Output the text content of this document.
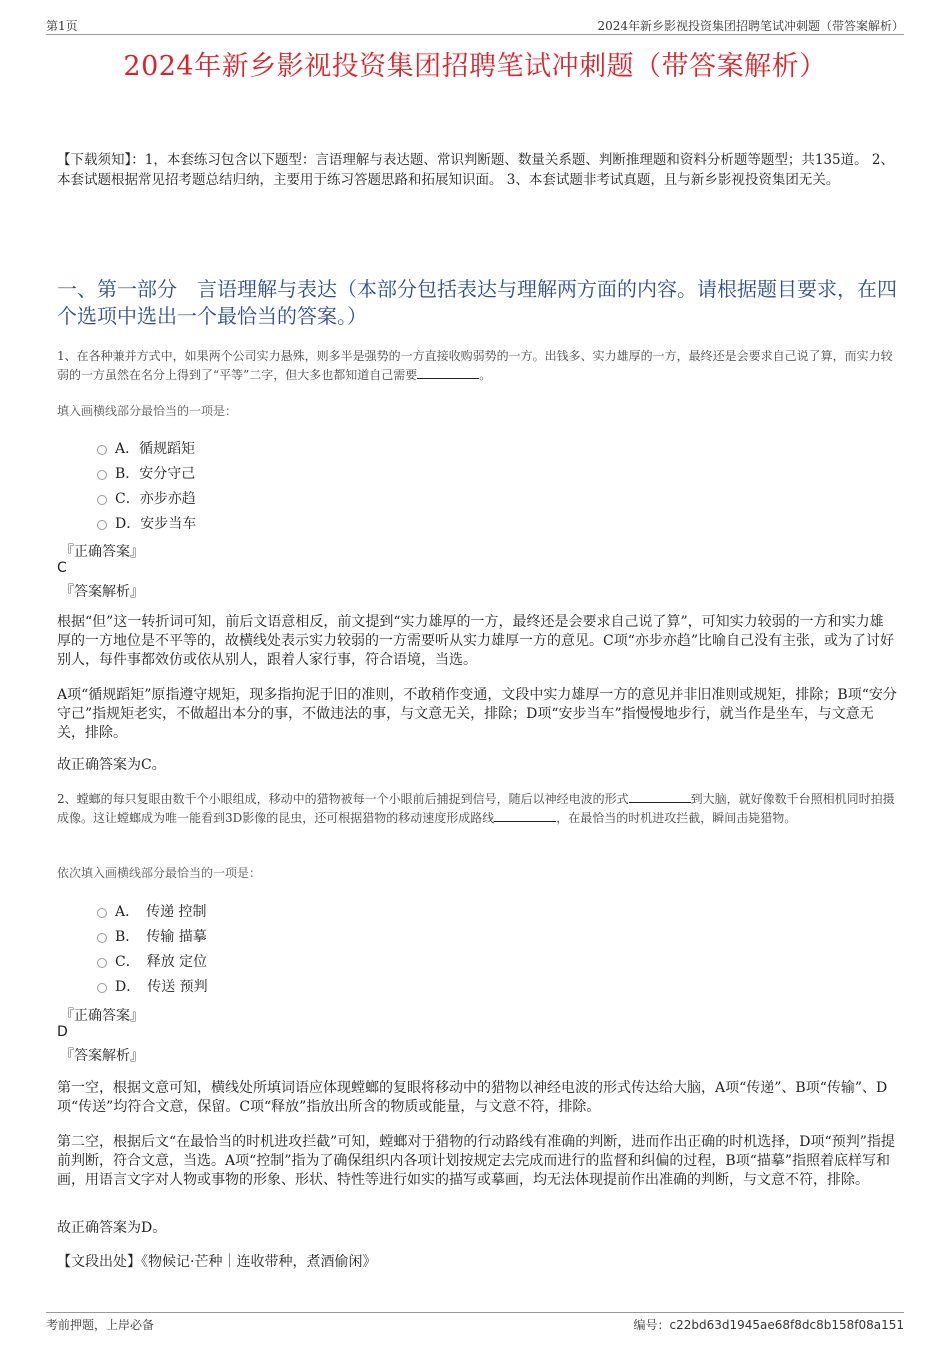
第1页	2024年新乡影视投资集团招聘笔试冲刺题（带答案解析）
2024年新乡影视投资集团招聘笔试冲刺题（带答案解析）
【下载须知】：1，本套练习包含以下题型：言语理解与表达题、常识判断题、数量关系题、判断推理题和资料分析题等题型；共135道。 2、本套试题根据常见招考题总结归纳，主要用于练习答题思路和拓展知识面。 3、本套试题非考试真题，且与新乡影视投资集团无关。
一、第一部分　言语理解与表达（本部分包括表达与理解两方面的内容。请根据题目要求，在四个选项中选出一个最恰当的答案。）
1、在各种兼并方式中，如果两个公司实力悬殊，则多半是强势的一方直接收购弱势的一方。出钱多、实力雄厚的一方，最终还是会要求自己说了算，而实力较弱的一方虽然在名分上得到了“平等”二字，但大多也都知道自己需要	。
填入画横线部分最恰当的一项是：
A．循规蹈矩
B．安分守己
C．亦步亦趋
D．安步当车
『正确答案』
C
『答案解析』
根据“但”这一转折词可知，前后文语意相反，前文提到“实力雄厚的一方，最终还是会要求自己说了算”，可知实力较弱的一方和实力雄厚的一方地位是不平等的，故横线处表示实力较弱的一方需要听从实力雄厚一方的意见。C项“亦步亦趋”比喻自己没有主张，或为了讨好别人，每件事都效仿或依从别人，跟着人家行事，符合语境，当选。
A项“循规蹈矩”原指遵守规矩，现多指拘泥于旧的准则，不敢稍作变通，文段中实力雄厚一方的意见并非旧准则或规矩，排除；B项“安分守己”指规矩老实，不做超出本分的事，不做违法的事，与文意无关，排除；D项“安步当车”指慢慢地步行，就当作是坐车，与文意无关，排除。
故正确答案为C。
2、螳螂的每只复眼由数千个小眼组成，移动中的猎物被每一个小眼前后捕捉到信号，随后以神经电波的形式	到大脑，就好像数千台照相机同时拍摄成像。这让螳螂成为唯一能看到3D影像的昆虫，还可根据猎物的移动速度形成路线	，在最恰当的时机进攻拦截，瞬间击毙猎物。
依次填入画横线部分最恰当的一项是：
A．　传递 控制
B．　传输 描摹
C．　释放 定位
D．　传送 预判
『正确答案』
D
『答案解析』
第一空，根据文意可知，横线处所填词语应体现螳螂的复眼将移动中的猎物以神经电波的形式传达给大脑，A项“传递”、B项“传输”、D项“传送”均符合文意，保留。C项“释放”指放出所含的物质或能量，与文意不符，排除。
第二空，根据后文“在最恰当的时机进攻拦截”可知，螳螂对于猎物的行动路线有准确的判断，进而作出正确的时机选择，D项“预判”指提前判断，符合文意，当选。A项“控制”指为了确保组织内各项计划按规定去完成而进行的监督和纠偏的过程，B项“描摹”指照着底样写和画，用语言文字对人物或事物的形象、形状、特性等进行如实的描写或摹画，均无法体现提前作出准确的判断，与文意不符，排除。
故正确答案为D。
【文段出处】《物候记·芒种｜连收带种，煮酒偷闲》
考前押题，上岸必备	编号：c22bd63d1945ae68f8dc8b158f08a151
